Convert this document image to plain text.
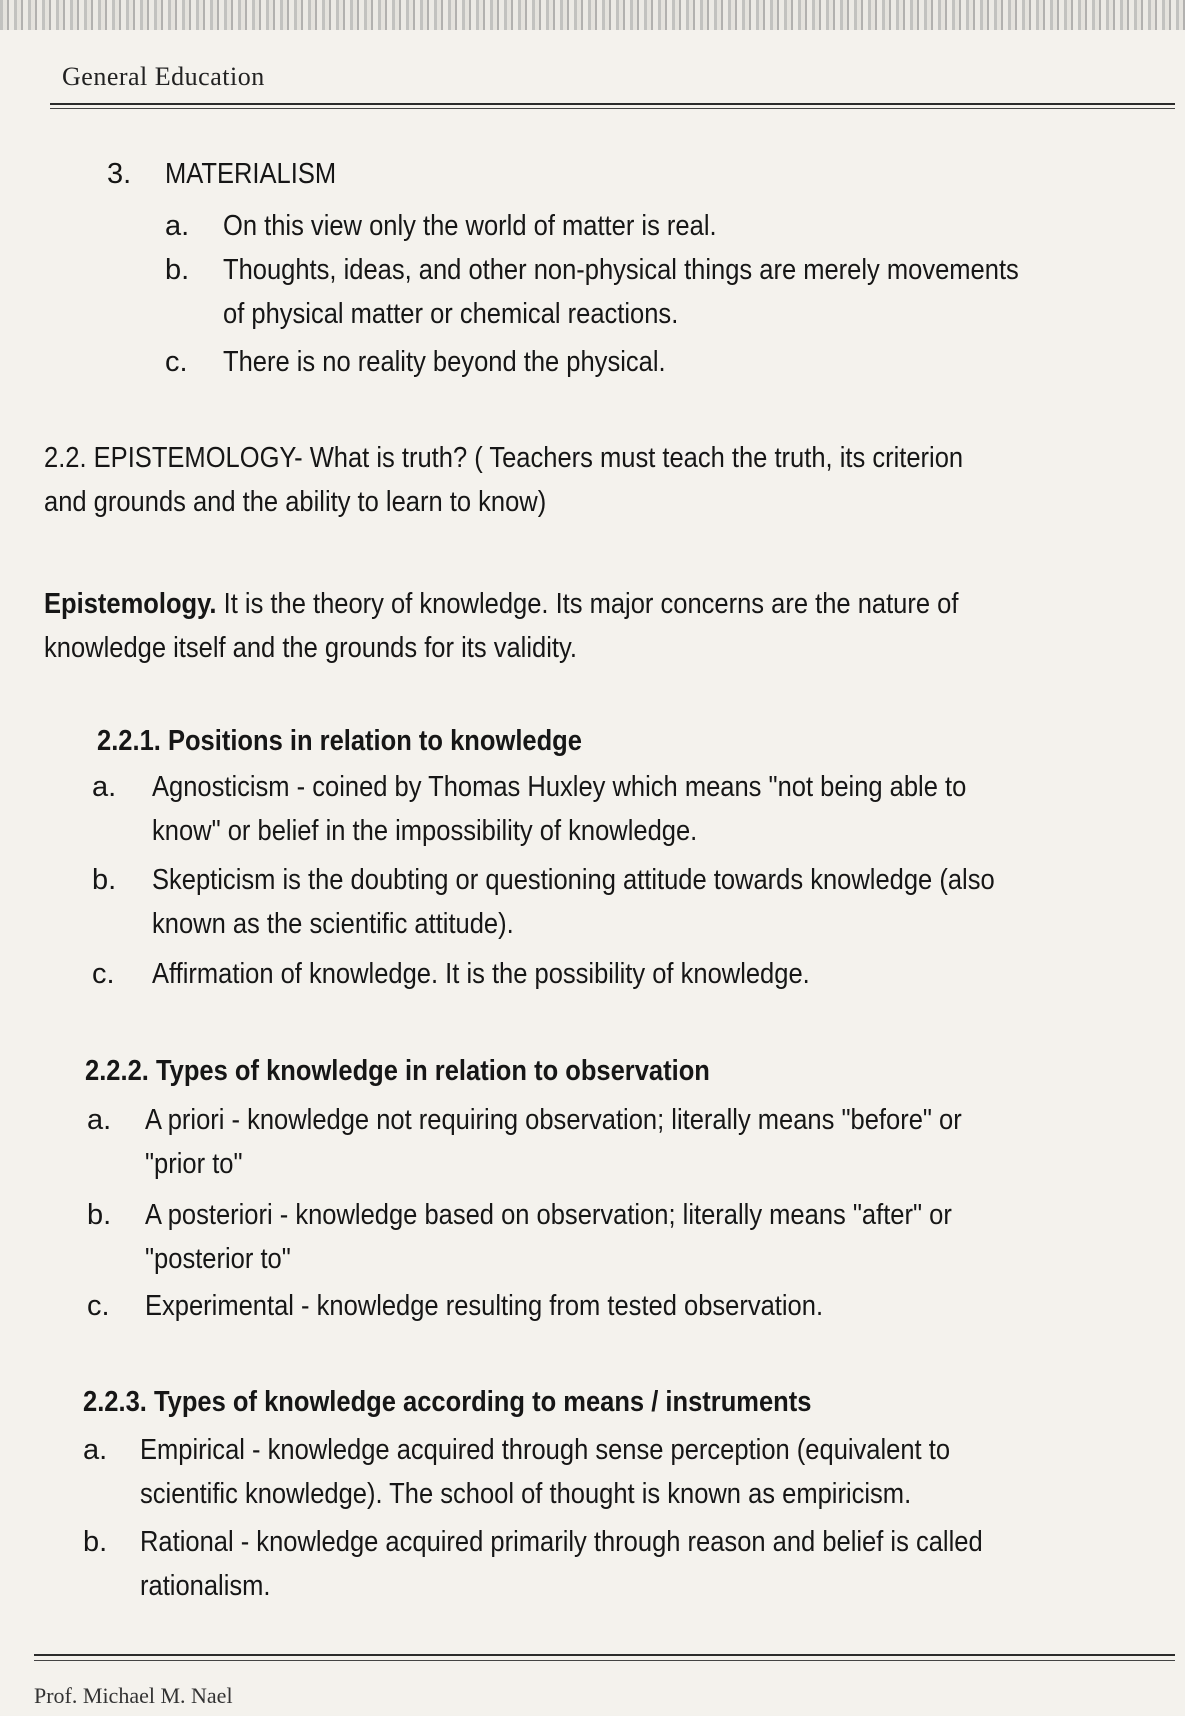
General Education
3. MATERIALISM
a. On this view only the world of matter is real.
b. Thoughts, ideas, and other non-physical things are merely movements
of physical matter or chemical reactions.
c. There is no reality beyond the physical.
2.2. EPISTEMOLOGY- What is truth? ( Teachers must teach the truth, its criterion
and grounds and the ability to learn to know)
Epistemology. It is the theory of knowledge. Its major concerns are the nature of
knowledge itself and the grounds for its validity.
2.2.1. Positions in relation to knowledge
a. Agnosticism - coined by Thomas Huxley which means "not being able to
know" or belief in the impossibility of knowledge.
b. Skepticism is the doubting or questioning attitude towards knowledge (also
known as the scientific attitude).
c. Affirmation of knowledge. It is the possibility of knowledge.
2.2.2. Types of knowledge in relation to observation
a. A priori - knowledge not requiring observation; literally means "before" or
"prior to"
b. A posteriori - knowledge based on observation; literally means "after" or
"posterior to"
c. Experimental - knowledge resulting from tested observation.
2.2.3. Types of knowledge according to means / instruments
a. Empirical - knowledge acquired through sense perception (equivalent to
scientific knowledge). The school of thought is known as empiricism.
b. Rational - knowledge acquired primarily through reason and belief is called
rationalism.
Prof. Michael M. Nael
